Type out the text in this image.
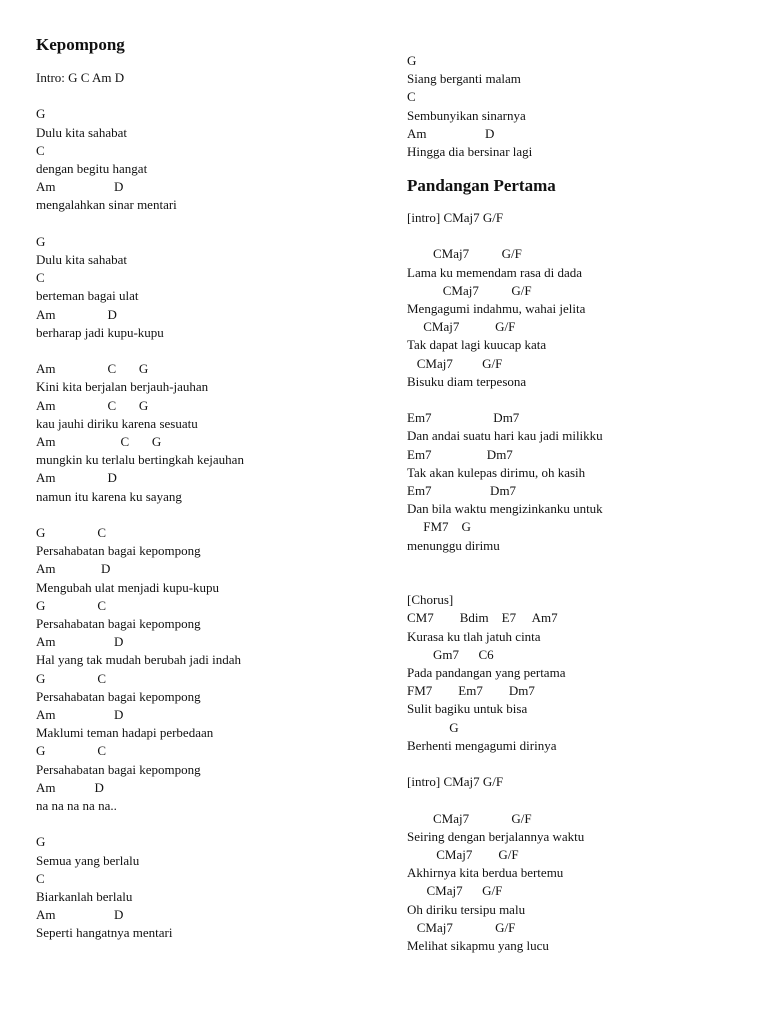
Kepompong
Intro: G C Am D
G
Dulu kita sahabat
C
dengan begitu hangat
Am                  D
mengalahkan sinar mentari
G
Dulu kita sahabat
C
berteman bagai ulat
Am                D
berharap jadi kupu-kupu
Am                C       G
Kini kita berjalan berjauh-jauhan
Am                C       G
kau jauhi diriku karena sesuatu
Am                    C       G
mungkin ku terlalu bertingkah kejauhan
Am                D
namun itu karena ku sayang
G                C
Persahabatan bagai kepompong
Am              D
Mengubah ulat menjadi kupu-kupu
G                C
Persahabatan bagai kepompong
Am                  D
Hal yang tak mudah berubah jadi indah
G                C
Persahabatan bagai kepompong
Am                  D
Maklumi teman hadapi perbedaan
G                C
Persahabatan bagai kepompong
Am            D
na na na na na..
G
Semua yang berlalu
C
Biarkanlah berlalu
Am                  D
Seperti hangatnya mentari
G
Siang berganti malam
C
Sembunyikan sinarnya
Am                  D
Hingga dia bersinar lagi
Pandangan Pertama
[intro] CMaj7 G/F
CMaj7          G/F
Lama ku memendam rasa di dada
CMaj7          G/F
Mengagumi indahmu, wahai jelita
CMaj7           G/F
Tak dapat lagi kuucap kata
CMaj7         G/F
Bisuku diam terpesona
Em7                   Dm7
Dan andai suatu hari kau jadi milikku
Em7                 Dm7
Tak akan kulepas dirimu, oh kasih
Em7                  Dm7
Dan bila waktu mengizinkanku untuk
FM7    G
menunggu dirimu
[Chorus]
CM7        Bdim    E7     Am7
Kurasa ku tlah jatuh cinta
Gm7      C6
Pada pandangan yang pertama
FM7        Em7        Dm7
Sulit bagiku untuk bisa
G
Berhenti mengagumi dirinya
[intro] CMaj7 G/F
CMaj7             G/F
Seiring dengan berjalannya waktu
CMaj7        G/F
Akhirnya kita berdua bertemu
CMaj7      G/F
Oh diriku tersipu malu
CMaj7             G/F
Melihat sikapmu yang lucu
